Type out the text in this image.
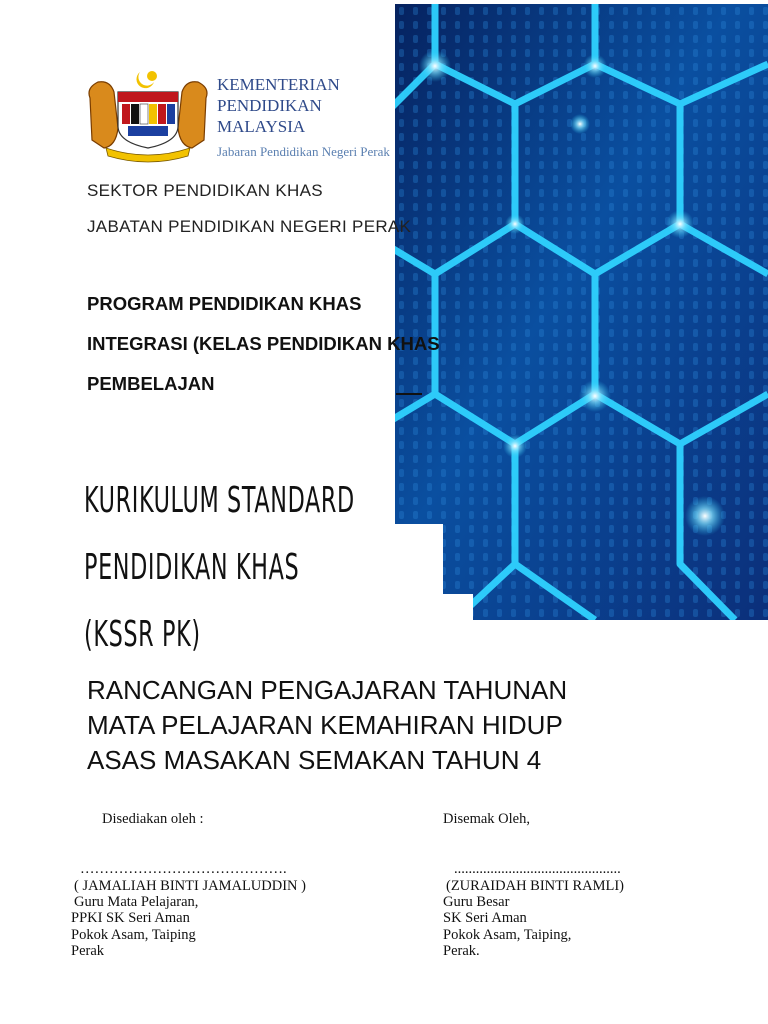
KEMENTERIAN
PENDIDIKAN
MALAYSIA
Jabaran Pendidikan Negeri Perak
SEKTOR PENDIDIKAN KHAS
JABATAN PENDIDIKAN NEGERI PERAK
PROGRAM PENDIDIKAN KHAS
INTEGRASI (KELAS PENDIDIKAN KHAS
PEMBELAJAN
KURIKULUM STANDARD
PENDIDIKAN KHAS
(KSSR PK)
RANCANGAN PENGAJARAN TAHUNAN
MATA PELAJARAN KEMAHIRAN HIDUP
ASAS MASAKAN SEMAKAN TAHUN 4
Disediakan oleh :
…………………………………….
( JAMALIAH BINTI JAMALUDDIN )
Guru Mata Pelajaran,
PPKI SK Seri Aman
Pokok Asam, Taiping
Perak
Disemak Oleh,
..............................................
(ZURAIDAH BINTI RAMLI)
Guru Besar
SK Seri Aman
Pokok Asam, Taiping,
Perak.
